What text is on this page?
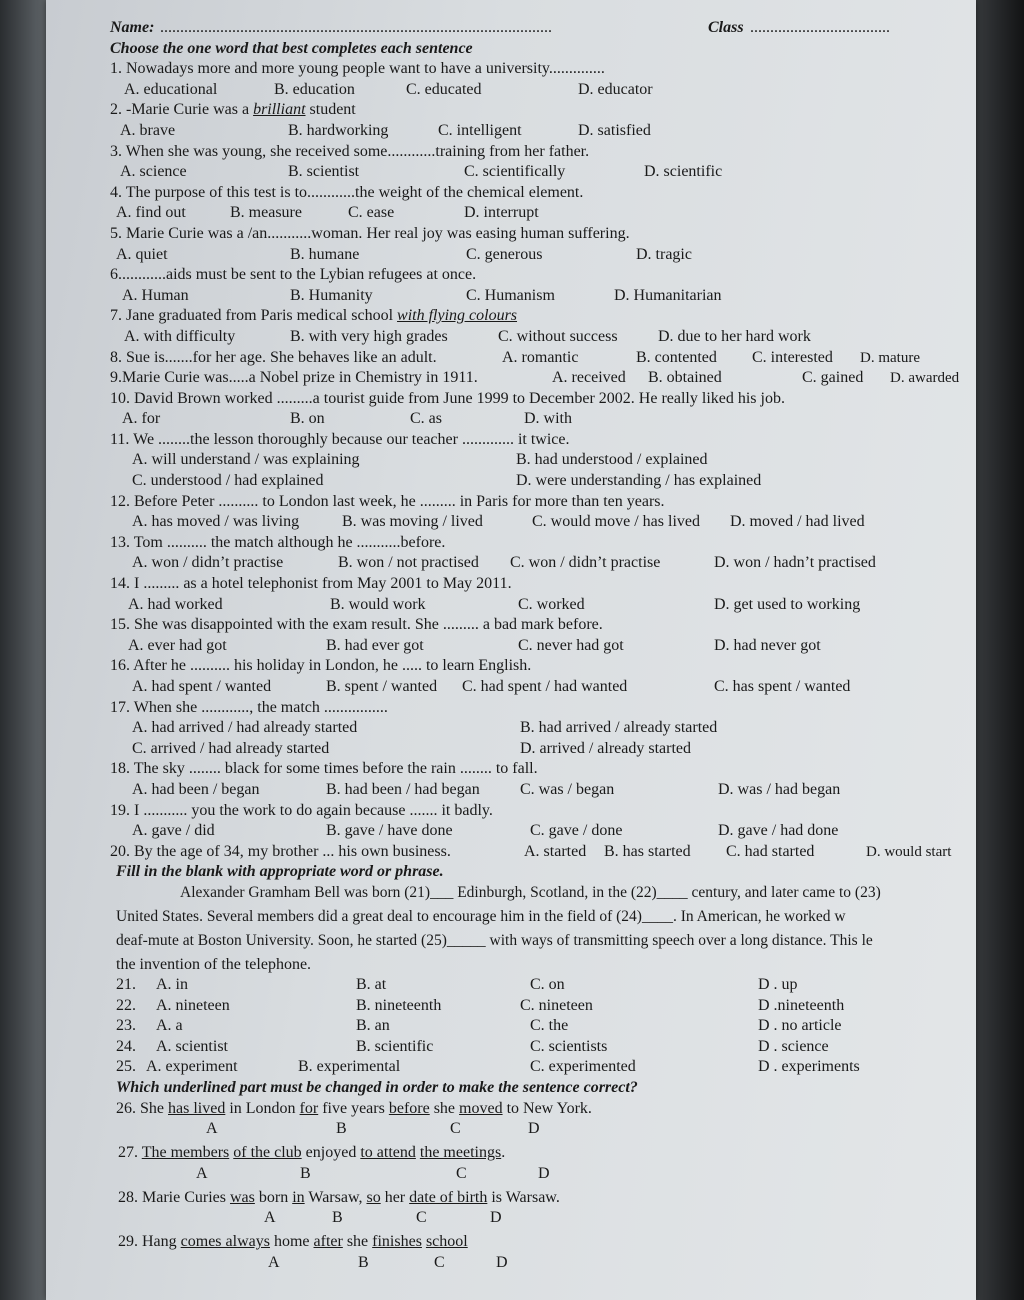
Name: ..................................................................................................	Class ...................................
Choose the one word that best completes each sentence
1. Nowadays more and more young people want to have a university..............
A. educational	B. education	C. educated	D. educator
2. -Marie Curie was a brilliant student
A. brave	B. hardworking	C. intelligent	D. satisfied
3. When she was young, she received some............training from her father.
A. science	B. scientist	C. scientifically	D. scientific
4. The purpose of this test is to............the weight of the chemical element.
A. find out	B. measure	C. ease	D. interrupt
5. Marie Curie was a /an...........woman. Her real joy was easing human suffering.
A. quiet	B. humane	C. generous	D. tragic
6............aids must be sent to the Lybian refugees at once.
A. Human	B. Humanity	C. Humanism	D. Humanitarian
7. Jane graduated from Paris medical school with flying colours
A. with difficulty	B. with very high grades	C. without success	D. due to her hard work
8. Sue is.......for her age. She behaves like an adult.	A. romantic	B. contented C. interested D. mature
9.Marie Curie was.....a Nobel prize in Chemistry in 1911.	A. received B. obtained	C. gained D. awarded
10. David Brown worked .........a tourist guide from June 1999 to December 2002. He really liked his job.
A. for	B. on	C. as	D. with
11. We ........the lesson thoroughly because our teacher ............. it twice.
A. will understand / was explaining	B. had understood / explained
C. understood / had explained	D. were understanding / has explained
12. Before Peter .......... to London last week, he ......... in Paris for more than ten years.
A. has moved / was living	B. was moving / lived	C. would move / has lived D. moved / had lived
13. Tom .......... the match although he ...........before.
A. won / didn’t practise	B. won / not practised C. won / didn’t practise	D. won / hadn’t practised
14. I ......... as a hotel telephonist from May 2001 to May 2011.
A. had worked	B. would work	C. worked	D. get used to working
15. She was disappointed with the exam result. She ......... a bad mark before.
A. ever had got	B. had ever got	C. never had got	D. had never got
16. After he .......... his holiday in London, he ..... to learn English.
A. had spent / wanted	B. spent / wanted C. had spent / had wanted	C. has spent / wanted
17. When she ............, the match ................
A. had arrived / had already started	B. had arrived / already started
C. arrived / had already started	D. arrived / already started
18. The sky ........ black for some times before the rain ........ to fall.
A. had been / began	B. had been / had began	C. was / began	D. was / had began
19. I ........... you the work to do again because ....... it badly.
A. gave / did	B. gave / have done	C. gave / done	D. gave / had done
20. By the age of 34, my brother ... his own business.	A. started B. has started C. had started	D. would start
Fill in the blank with appropriate word or phrase.
Alexander Gramham Bell was born (21)___ Edinburgh, Scotland, in the (22)____ century, and later came to (23)
United States. Several members did a great deal to encourage him in the field of (24)____. In American, he worked w
deaf-mute at Boston University. Soon, he started (25)_____ with ways of transmitting speech over a long distance. This le
the invention of the telephone.
21. A. in	B. at	C. on	D . up
22. A. nineteen	B. nineteenth	C. nineteen	D .nineteenth
23. A. a	B. an	C. the	D . no article
24. A. scientist	B. scientific	C. scientists	D . science
25. A. experiment	B. experimental	C. experimented	D . experiments
Which underlined part must be changed in order to make the sentence correct?
26. She has lived in London for five years before she moved to New York.
A	B	C	D
27. The members of the club enjoyed to attend the meetings.
A	B	C	D
28. Marie Curies was born in Warsaw, so her date of birth is Warsaw.
A	B	C	D
29. Hang comes always home after she finishes school
A	B	C	D
